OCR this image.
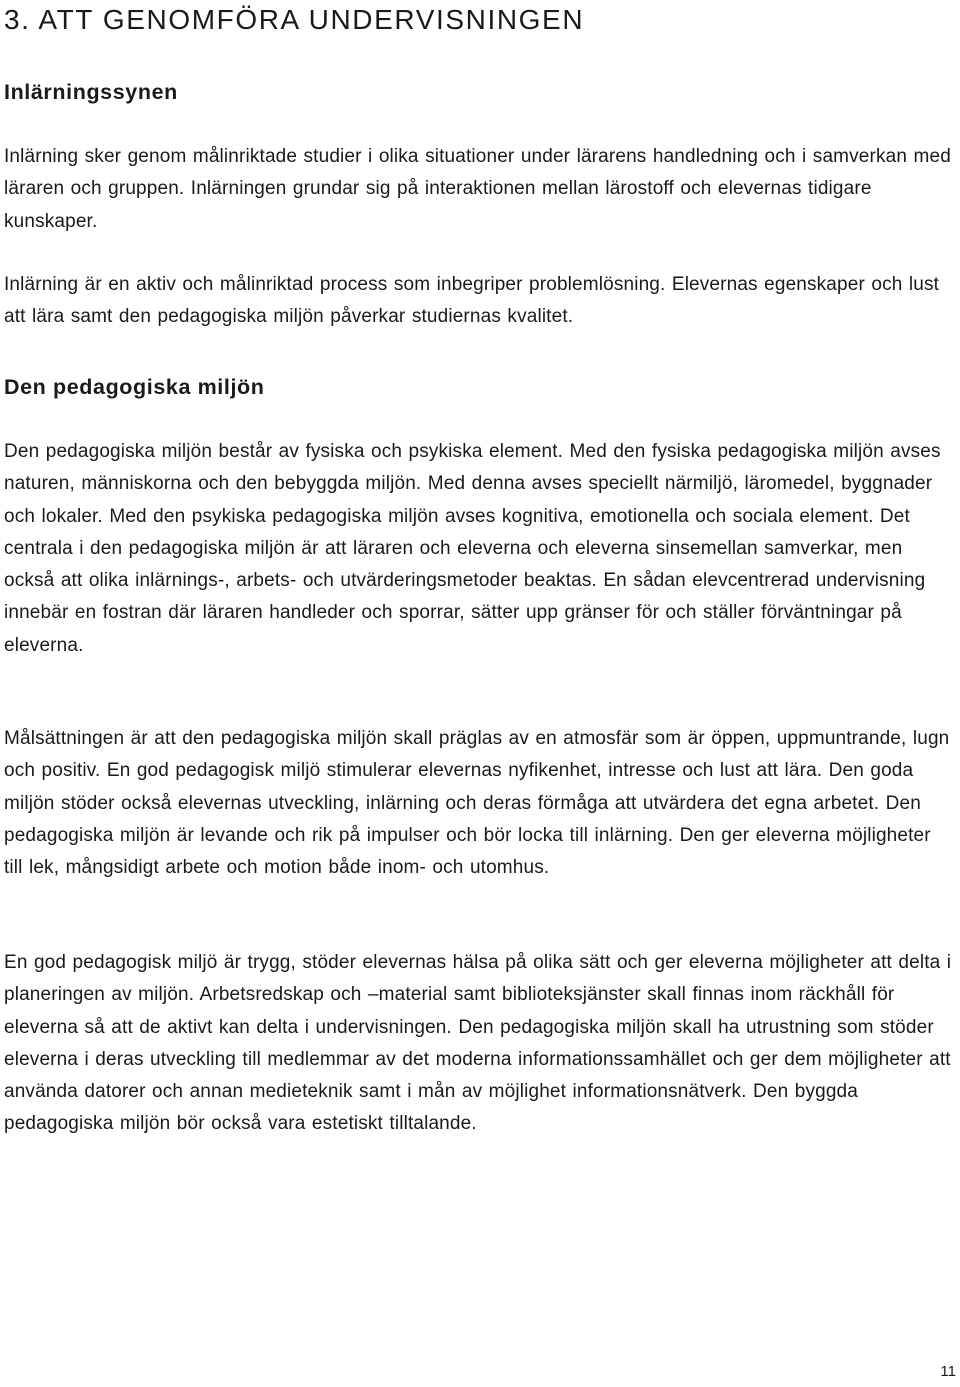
3. ATT GENOMFÖRA UNDERVISNINGEN
Inlärningssynen

Inlärning sker genom målinriktade studier i olika situationer under lärarens handledning och i samverkan med läraren och gruppen. Inlärningen grundar sig på interaktionen mellan lärostoff och elevernas tidigare kunskaper.

Inlärning är en aktiv och målinriktad process som inbegriper problemlösning. Elevernas egenskaper och lust att lära samt den pedagogiska miljön påverkar studiernas kvalitet.

Den pedagogiska miljön

Den pedagogiska miljön består av fysiska och psykiska element. Med den fysiska pedagogiska miljön avses naturen, människorna och den bebyggda miljön. Med denna avses speciellt närmiljö, läromedel, byggnader och lokaler. Med den psykiska pedagogiska miljön avses kognitiva, emotionella och sociala element. Det centrala i den pedagogiska miljön är att läraren och eleverna och eleverna sinsemellan samverkar, men också att olika inlärnings-, arbets- och utvärderingsmetoder beaktas. En sådan elevcentrerad undervisning innebär en fostran där läraren handleder och sporrar, sätter upp gränser för och ställer förväntningar på eleverna.

Målsättningen är att den pedagogiska miljön skall präglas av en atmosfär som är öppen, uppmuntrande, lugn och positiv. En god pedagogisk miljö stimulerar elevernas nyfikenhet, intresse och lust att lära. Den goda miljön stöder också elevernas utveckling, inlärning och deras förmåga att utvärdera det egna arbetet. Den pedagogiska miljön är levande och rik på impulser och bör locka till inlärning. Den ger eleverna möjligheter till lek, mångsidigt arbete och motion både inom- och utomhus.

En god pedagogisk miljö är trygg, stöder elevernas hälsa på olika sätt och ger eleverna möjligheter att delta i planeringen av miljön. Arbetsredskap och –material samt biblioteksjänster skall finnas inom räckhåll för eleverna så att de aktivt kan delta i undervisningen. Den pedagogiska miljön skall ha utrustning som stöder eleverna i deras utveckling till medlemmar av det moderna informationssamhället och ger dem möjligheter att använda datorer och annan medieteknik samt i mån av möjlighet informationsnätverk. Den byggda pedagogiska miljön bör också vara estetiskt tilltalande.

11
